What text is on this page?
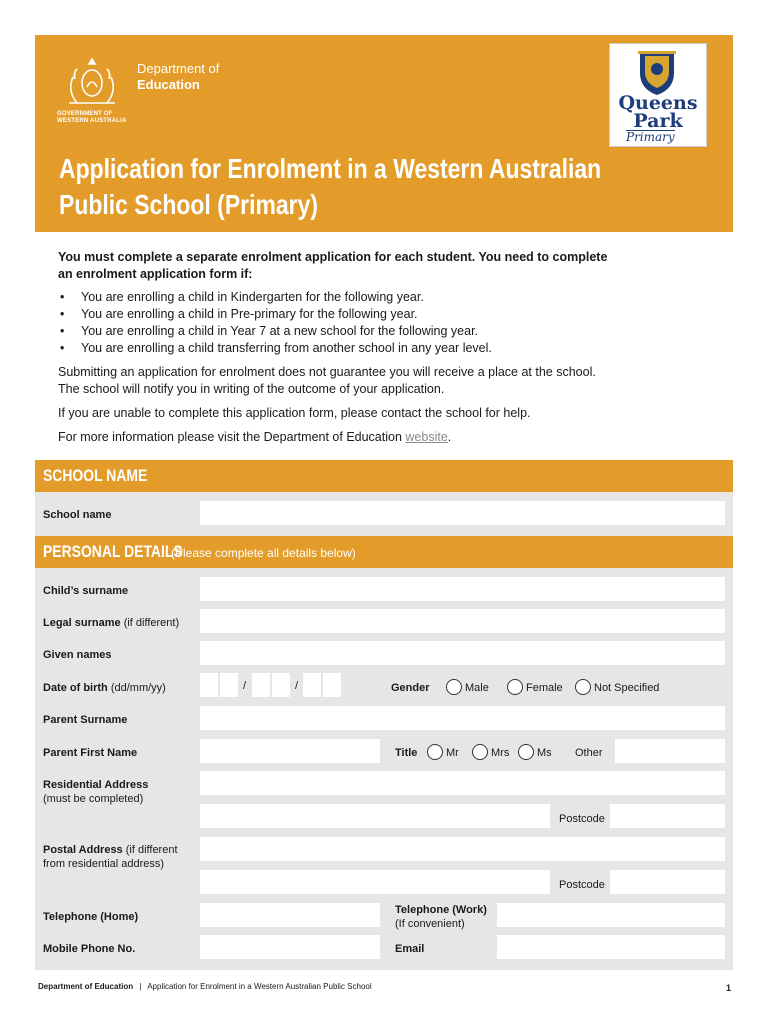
Department of
Education
GOVERNMENT OF
WESTERN AUSTRALIA
Queens
Park
Primary
Application for Enrolment in a Western Australian
Public School (Primary)
You must complete a separate enrolment application for each student. You need to complete
an enrolment application form if:
• You are enrolling a child in Kindergarten for the following year.
• You are enrolling a child in Pre-primary for the following year.
• You are enrolling a child in Year 7 at a new school for the following year.
• You are enrolling a child transferring from another school in any year level.

Submitting an application for enrolment does not guarantee you will receive a place at the school.
The school will notify you in writing of the outcome of your application.

If you are unable to complete this application form, please contact the school for help.

For more information please visit the Department of Education website.

SCHOOL NAME
School name
PERSONAL DETAILS
(Please complete all details below)
Child’s surname
Legal surname (if different)
Given names
Date of birth (dd/mm/yy)	/	/	Gender	Male	Female	Not Specified
Parent Surname
Parent First Name	Title	Mr	Mrs	Ms Other
Residential Address
(must be completed)
Postcode
Postal Address (if different
from residential address)
Postcode
Telephone (Home)
Telephone (Work)
(If convenient)
Mobile Phone No.	Email
Department of Education | Application for Enrolment in a Western Australian Public School	1
